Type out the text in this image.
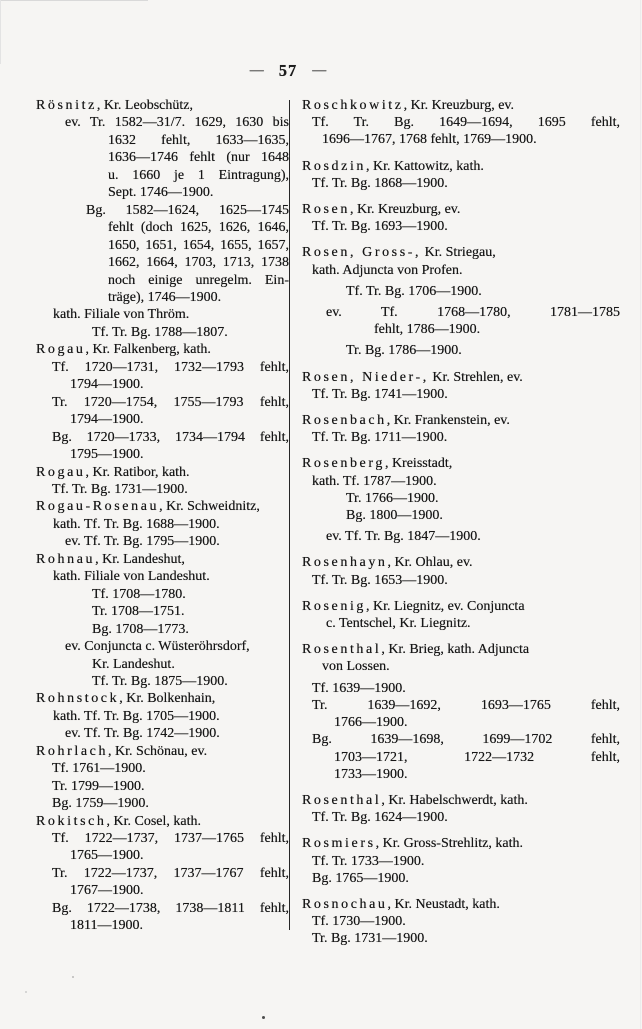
— 57 —
Rösnitz, Kr. Leobschütz,
ev. Tr. 1582—31/7. 1629, 1630 bis
1632 fehlt, 1633—1635,
1636—1746 fehlt (nur 1648
u. 1660 je 1 Eintragung),
Sept. 1746—1900.
Bg. 1582—1624, 1625—1745
fehlt (doch 1625, 1626, 1646,
1650, 1651, 1654, 1655, 1657,
1662, 1664, 1703, 1713, 1738
noch einige unregelm. Ein-
träge), 1746—1900.
kath. Filiale von Thröm.
Tf. Tr. Bg. 1788—1807.
Rogau, Kr. Falkenberg, kath.
Tf. 1720—1731, 1732—1793 fehlt,
1794—1900.
Tr. 1720—1754, 1755—1793 fehlt,
1794—1900.
Bg. 1720—1733, 1734—1794 fehlt,
1795—1900.
Rogau, Kr. Ratibor, kath.
Tf. Tr. Bg. 1731—1900.
Rogau-Rosenau, Kr. Schweidnitz,
kath. Tf. Tr. Bg. 1688—1900.
ev. Tf. Tr. Bg. 1795—1900.
Rohnau, Kr. Landeshut,
kath. Filiale von Landeshut.
Tf. 1708—1780.
Tr. 1708—1751.
Bg. 1708—1773.
ev. Conjuncta c. Wüsteröhrsdorf,
Kr. Landeshut.
Tf. Tr. Bg. 1875—1900.
Rohnstock, Kr. Bolkenhain,
kath. Tf. Tr. Bg. 1705—1900.
ev. Tf. Tr. Bg. 1742—1900.
Rohrlach, Kr. Schönau, ev.
Tf. 1761—1900.
Tr. 1799—1900.
Bg. 1759—1900.
Rokitsch, Kr. Cosel, kath.
Tf. 1722—1737, 1737—1765 fehlt,
1765—1900.
Tr. 1722—1737, 1737—1767 fehlt,
1767—1900.
Bg. 1722—1738, 1738—1811 fehlt,
1811—1900.
Roschkowitz, Kr. Kreuzburg, ev.
Tf. Tr. Bg. 1649—1694, 1695 fehlt,
1696—1767, 1768 fehlt, 1769—1900.
Rosdzin, Kr. Kattowitz, kath.
Tf. Tr. Bg. 1868—1900.
Rosen, Kr. Kreuzburg, ev.
Tf. Tr. Bg. 1693—1900.
Rosen, Gross-, Kr. Striegau,
kath. Adjuncta von Profen.
Tf. Tr. Bg. 1706—1900.
ev. Tf. 1768—1780, 1781—1785
fehlt, 1786—1900.
Tr. Bg. 1786—1900.
Rosen, Nieder-, Kr. Strehlen, ev.
Tf. Tr. Bg. 1741—1900.
Rosenbach, Kr. Frankenstein, ev.
Tf. Tr. Bg. 1711—1900.
Rosenberg, Kreisstadt,
kath. Tf. 1787—1900.
Tr. 1766—1900.
Bg. 1800—1900.
ev. Tf. Tr. Bg. 1847—1900.
Rosenhayn, Kr. Ohlau, ev.
Tf. Tr. Bg. 1653—1900.
Rosenig, Kr. Liegnitz, ev. Conjuncta
c. Tentschel, Kr. Liegnitz.
Rosenthal, Kr. Brieg, kath. Adjuncta
von Lossen.
Tf. 1639—1900.
Tr. 1639—1692, 1693—1765 fehlt,
1766—1900.
Bg. 1639—1698, 1699—1702 fehlt,
1703—1721, 1722—1732 fehlt,
1733—1900.
Rosenthal, Kr. Habelschwerdt, kath.
Tf. Tr. Bg. 1624—1900.
Rosmiers, Kr. Gross-Strehlitz, kath.
Tf. Tr. 1733—1900.
Bg. 1765—1900.
Rosnochau, Kr. Neustadt, kath.
Tf. 1730—1900.
Tr. Bg. 1731—1900.
